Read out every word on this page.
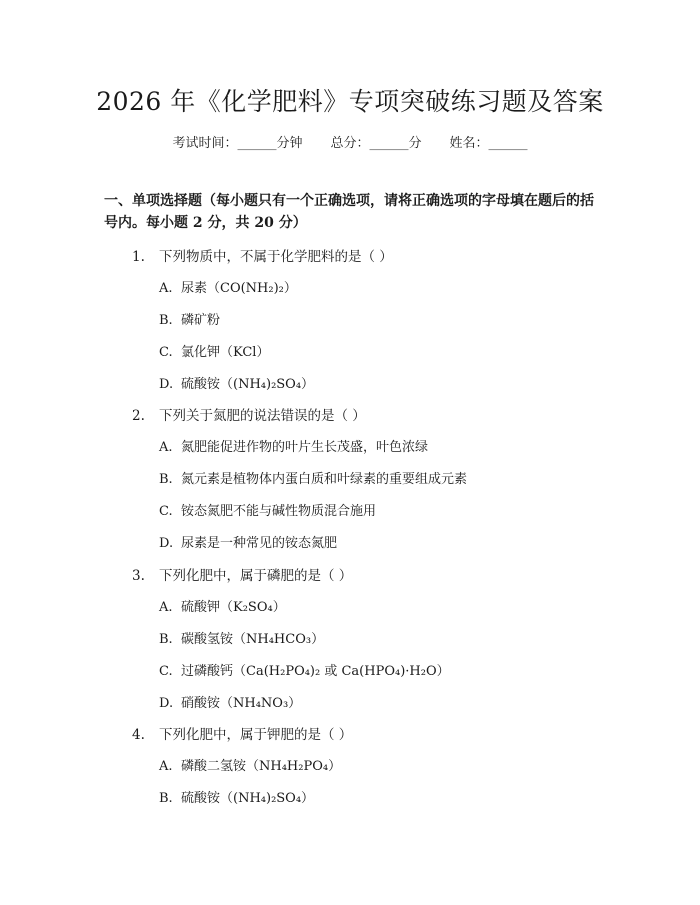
2026 年《化学肥料》专项突破练习题及答案
考试时间：______分钟 总分：______分 姓名：______
一、单项选择题（每小题只有一个正确选项，请将正确选项的字母填在题后的括号内。每小题 2 分，共 20 分）
1. 下列物质中，不属于化学肥料的是（ ）
A. 尿素（CO(NH₂)₂）
B. 磷矿粉
C. 氯化钾（KCl）
D. 硫酸铵（(NH₄)₂SO₄）
2. 下列关于氮肥的说法错误的是（ ）
A. 氮肥能促进作物的叶片生长茂盛，叶色浓绿
B. 氮元素是植物体内蛋白质和叶绿素的重要组成元素
C. 铵态氮肥不能与碱性物质混合施用
D. 尿素是一种常见的铵态氮肥
3. 下列化肥中，属于磷肥的是（ ）
A. 硫酸钾（K₂SO₄）
B. 碳酸氢铵（NH₄HCO₃）
C. 过磷酸钙（Ca(H₂PO₄)₂ 或 Ca(HPO₄)·H₂O）
D. 硝酸铵（NH₄NO₃）
4. 下列化肥中，属于钾肥的是（ ）
A. 磷酸二氢铵（NH₄H₂PO₄）
B. 硫酸铵（(NH₄)₂SO₄）
